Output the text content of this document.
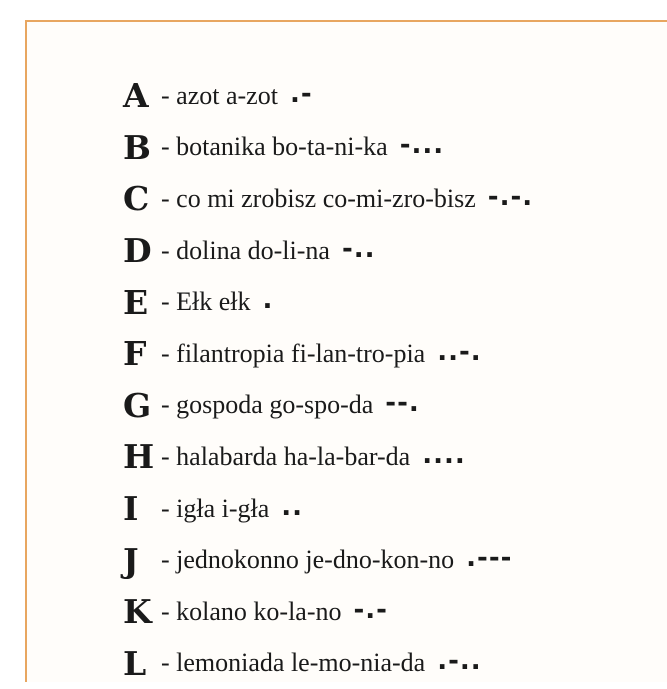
A - azot a-zot .-
B - botanika bo-ta-ni-ka -...
C - co mi zrobisz co-mi-zro-bisz -.-.
D - dolina do-li-na -..
E - Ełk ełk .
F - filantropia fi-lan-tro-pia ..-.
G - gospoda go-spo-da --.
H - halabarda ha-la-bar-da ....
I - igła i-gła ..
J - jednokonno je-dno-kon-no .---
K - kolano ko-la-no -.-
L - lemoniada le-mo-nia-da .-..
